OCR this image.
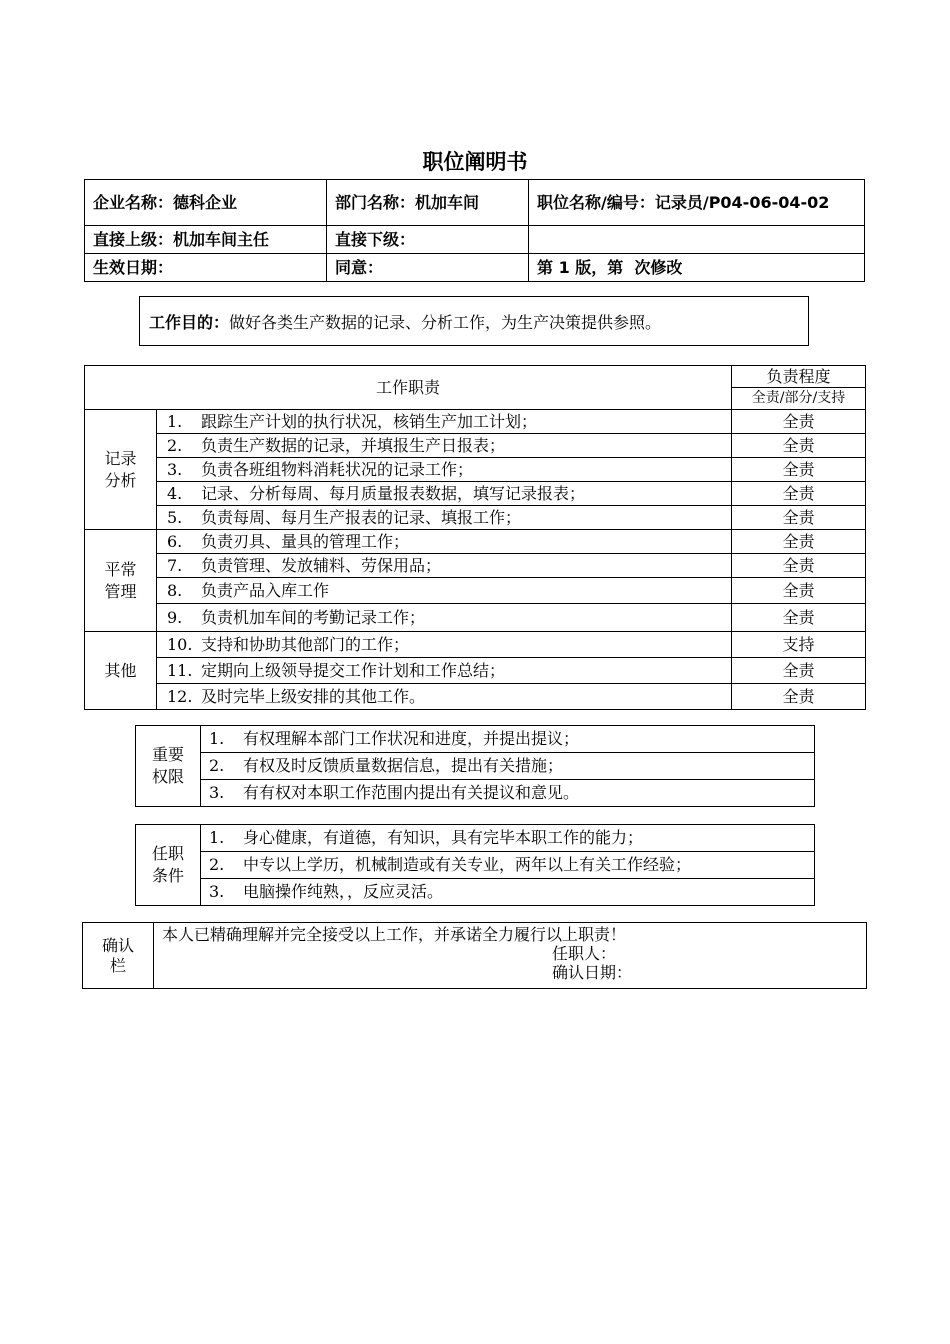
职位阐明书
企业名称：德科企业	部门名称：机加车间	职位名称/编号：记录员/P04-06-04-02
直接上级：机加车间主任	直接下级：	
生效日期：	同意：	第 1 版，第  次修改
工作目的： 做好各类生产数据的记录、分析工作，为生产决策提供参照。
工作职责		负责程度
		全责/部分/支持
记录
分析	1. 跟踪生产计划的执行状况，核销生产加工计划；	全责
	2. 负责生产数据的记录，并填报生产日报表；	全责
	3. 负责各班组物料消耗状况的记录工作；	全责
	4. 记录、分析每周、每月质量报表数据，填写记录报表；	全责
	5. 负责每周、每月生产报表的记录、填报工作；	全责
平常
管理	6. 负责刃具、量具的管理工作；	全责
	7. 负责管理、发放辅料、劳保用品；	全责
	8. 负责产品入库工作	全责
	9. 负责机加车间的考勤记录工作；	全责
其他	10. 支持和协助其他部门的工作；	支持
	11. 定期向上级领导提交工作计划和工作总结；	全责
	12. 及时完毕上级安排的其他工作。	全责
重要
权限	1. 有权理解本部门工作状况和进度，并提出提议；
2. 有权及时反馈质量数据信息，提出有关措施；
3. 有有权对本职工作范围内提出有关提议和意见。
任职
条件	1. 身心健康，有道德，有知识，具有完毕本职工作的能力；
2. 中专以上学历，机械制造或有关专业，两年以上有关工作经验；
3. 电脑操作纯熟，，反应灵活。
确认
栏	
本人已精确理解并完全接受以上工作，并承诺全力履行以上职责！
任职人：
确认日期：
